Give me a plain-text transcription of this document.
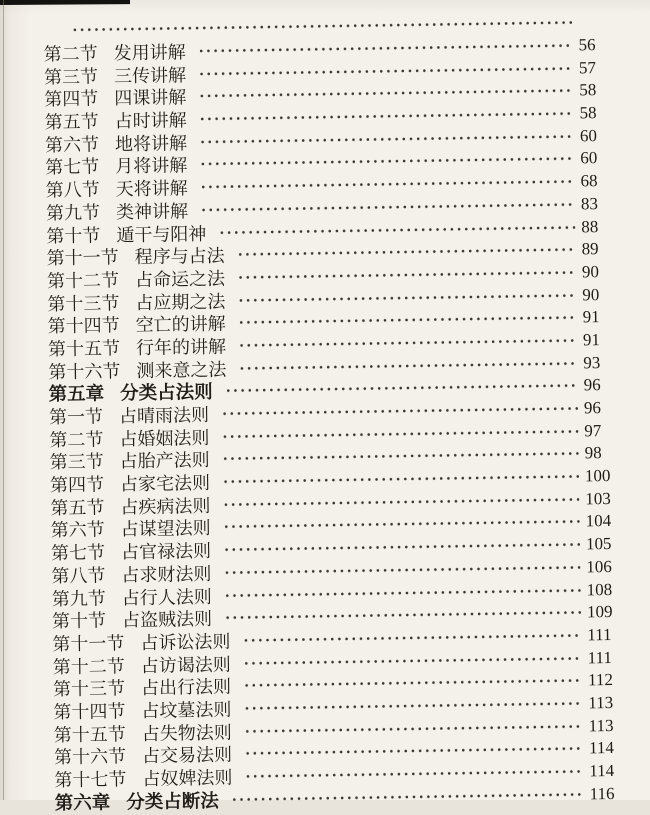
第二节 发用讲解	56
第三节 三传讲解	57
第四节 四课讲解	58
第五节 占时讲解	58
第六节 地将讲解	60
第七节 月将讲解	60
第八节 天将讲解	68
第九节 类神讲解	83
第十节 遁干与阳神	88
第十一节 程序与占法	89
第十二节 占命运之法	90
第十三节 占应期之法	90
第十四节 空亡的讲解	91
第十五节 行年的讲解	91
第十六节 测来意之法	93
第五章 分类占法则	96
第一节 占晴雨法则	96
第二节 占婚姻法则	97
第三节 占胎产法则	98
第四节 占家宅法则	100
第五节 占疾病法则	103
第六节 占谋望法则	104
第七节 占官禄法则	105
第八节 占求财法则	106
第九节 占行人法则	108
第十节 占盗贼法则	109
第十一节 占诉讼法则	111
第十二节 占访谒法则	111
第十三节 占出行法则	112
第十四节 占坟墓法则	113
第十五节 占失物法则	113
第十六节 占交易法则	114
第十七节 占奴婢法则	114
第六章 分类占断法	116
